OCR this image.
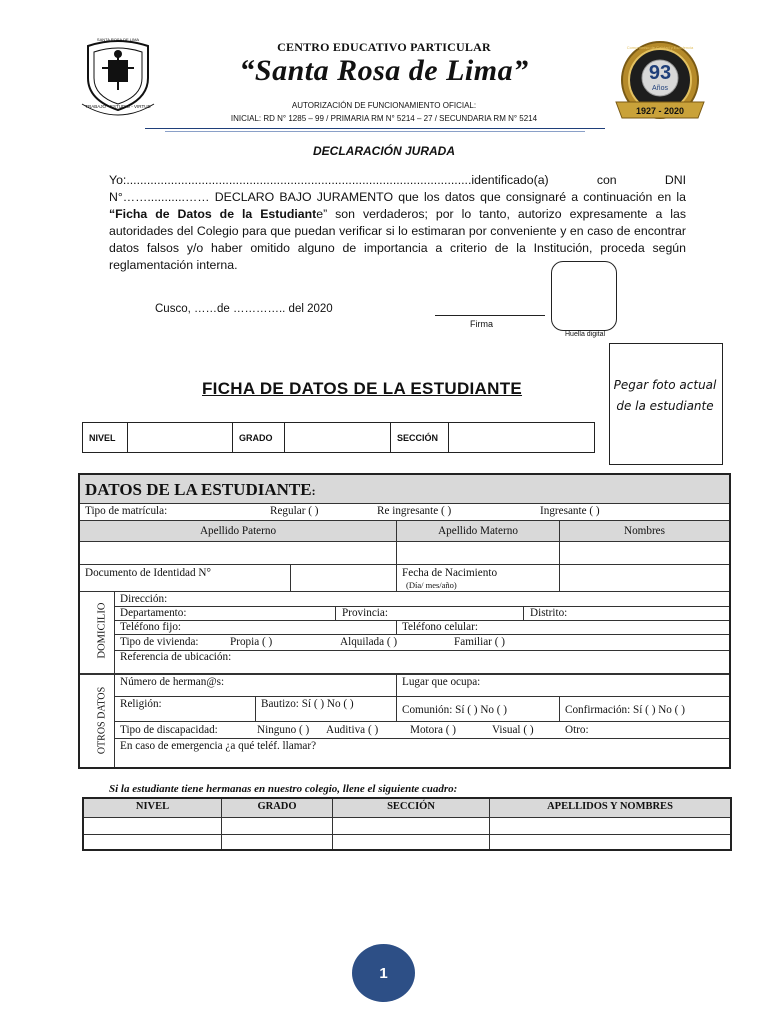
SANTA ROSA DE LIMA
TRABAJO - ESTUDIO - VIRTUD
CENTRO EDUCATIVO PARTICULAR
“Santa Rosa de Lima”
AUTORIZACIÓN DE FUNCIONAMIENTO OFICIAL:
INICIAL: RD N° 1285 – 99 / PRIMARIA RM N° 5214 – 27 / SECUNDARIA RM N° 5214
Compromiso de Calidad y Excelencia
93
Años
1927 - 2020
DECLARACIÓN JURADA
Yo:.....................................................................................................identificado(a) con DNI N°……...........…… DECLARO BAJO JURAMENTO que los datos que consignaré a continuación en la “Ficha de Datos de la Estudiante” son verdaderos; por lo tanto, autorizo expresamente a las autoridades del Colegio para que puedan verificar si lo estimaran por conveniente y en caso de encontrar datos falsos y/o haber omitido alguno de importancia a criterio de la Institución, proceda según reglamentación interna.
Cusco, ……de ………….. del 2020
Firma
Huella digital
Pegar foto actual
de la estudiante
FICHA DE DATOS DE LA ESTUDIANTE
NIVEL	GRADO	SECCIÓN
DATOS DE LA ESTUDIANTE:
Tipo de matrícula:	Regular ( )	Re ingresante ( )	Ingresante ( )
Apellido Paterno	Apellido Materno	Nombres
Documento de Identidad N°	Fecha de Nacimiento
(Día/ mes/año)
DOMICILIO
Dirección:
Departamento:	Provincia:	Distrito:
Teléfono fijo:	Teléfono celular:
Tipo de vivienda:	Propia ( )	Alquilada ( )	Familiar ( )
Referencia de ubicación:
OTROS DATOS
Número de herman@s:	Lugar que ocupa:
Religión:	Bautizo: Sí ( ) No ( )	Comunión: Sí ( ) No ( )	Confirmación: Sí ( ) No ( )
Tipo de discapacidad:	Ninguno ( ) Auditiva ( )	Motora ( )	Visual ( )	Otro:
En caso de emergencia ¿a qué teléf. llamar?
Si la estudiante tiene hermanas en nuestro colegio, llene el siguiente cuadro:
NIVEL	GRADO	SECCIÓN	APELLIDOS Y NOMBRES
1
